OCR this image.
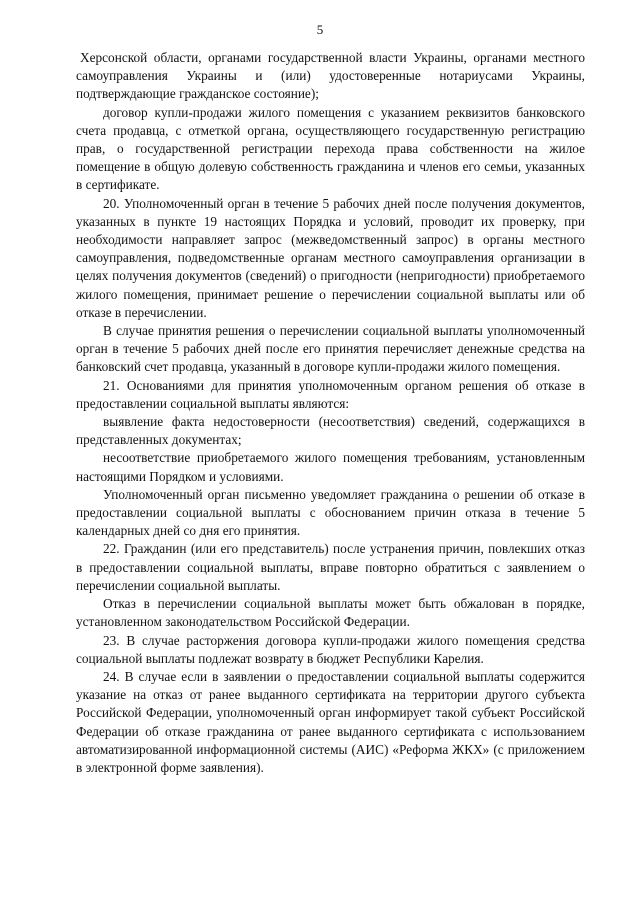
5

Херсонской области, органами государственной власти Украины, органами местного самоуправления Украины и (или) удостоверенные нотариусами Украины, подтверждающие гражданское состояние);

договор купли-продажи жилого помещения с указанием реквизитов банковского счета продавца, с отметкой органа, осуществляющего государственную регистрацию прав, о государственной регистрации перехода права собственности на жилое помещение в общую долевую собственность гражданина и членов его семьи, указанных в сертификате.

20. Уполномоченный орган в течение 5 рабочих дней после получения документов, указанных в пункте 19 настоящих Порядка и условий, проводит их проверку, при необходимости направляет запрос (межведомственный запрос) в органы местного самоуправления, подведомственные органам местного самоуправления организации в целях получения документов (сведений) о пригодности (непригодности) приобретаемого жилого помещения, принимает решение о перечислении социальной выплаты или об отказе в перечислении.

В случае принятия решения о перечислении социальной выплаты уполномоченный орган в течение 5 рабочих дней после его принятия перечисляет денежные средства на банковский счет продавца, указанный в договоре купли-продажи жилого помещения.

21. Основаниями для принятия уполномоченным органом решения об отказе в предоставлении социальной выплаты являются:

выявление факта недостоверности (несоответствия) сведений, содержащихся в представленных документах;

несоответствие приобретаемого жилого помещения требованиям, установленным настоящими Порядком и условиями.

Уполномоченный орган письменно уведомляет гражданина о решении об отказе в предоставлении социальной выплаты с обоснованием причин отказа в течение 5 календарных дней со дня его принятия.

22. Гражданин (или его представитель) после устранения причин, повлекших отказ в предоставлении социальной выплаты, вправе повторно обратиться с заявлением о перечислении социальной выплаты.

Отказ в перечислении социальной выплаты может быть обжалован в порядке, установленном законодательством Российской Федерации.

23. В случае расторжения договора купли-продажи жилого помещения средства социальной выплаты подлежат возврату в бюджет Республики Карелия.

24. В случае если в заявлении о предоставлении социальной выплаты содержится указание на отказ от ранее выданного сертификата на территории другого субъекта Российской Федерации, уполномоченный орган информирует такой субъект Российской Федерации об отказе гражданина от ранее выданного сертификата с использованием автоматизированной информационной системы (АИС) «Реформа ЖКХ» (с приложением в электронной форме заявления).
